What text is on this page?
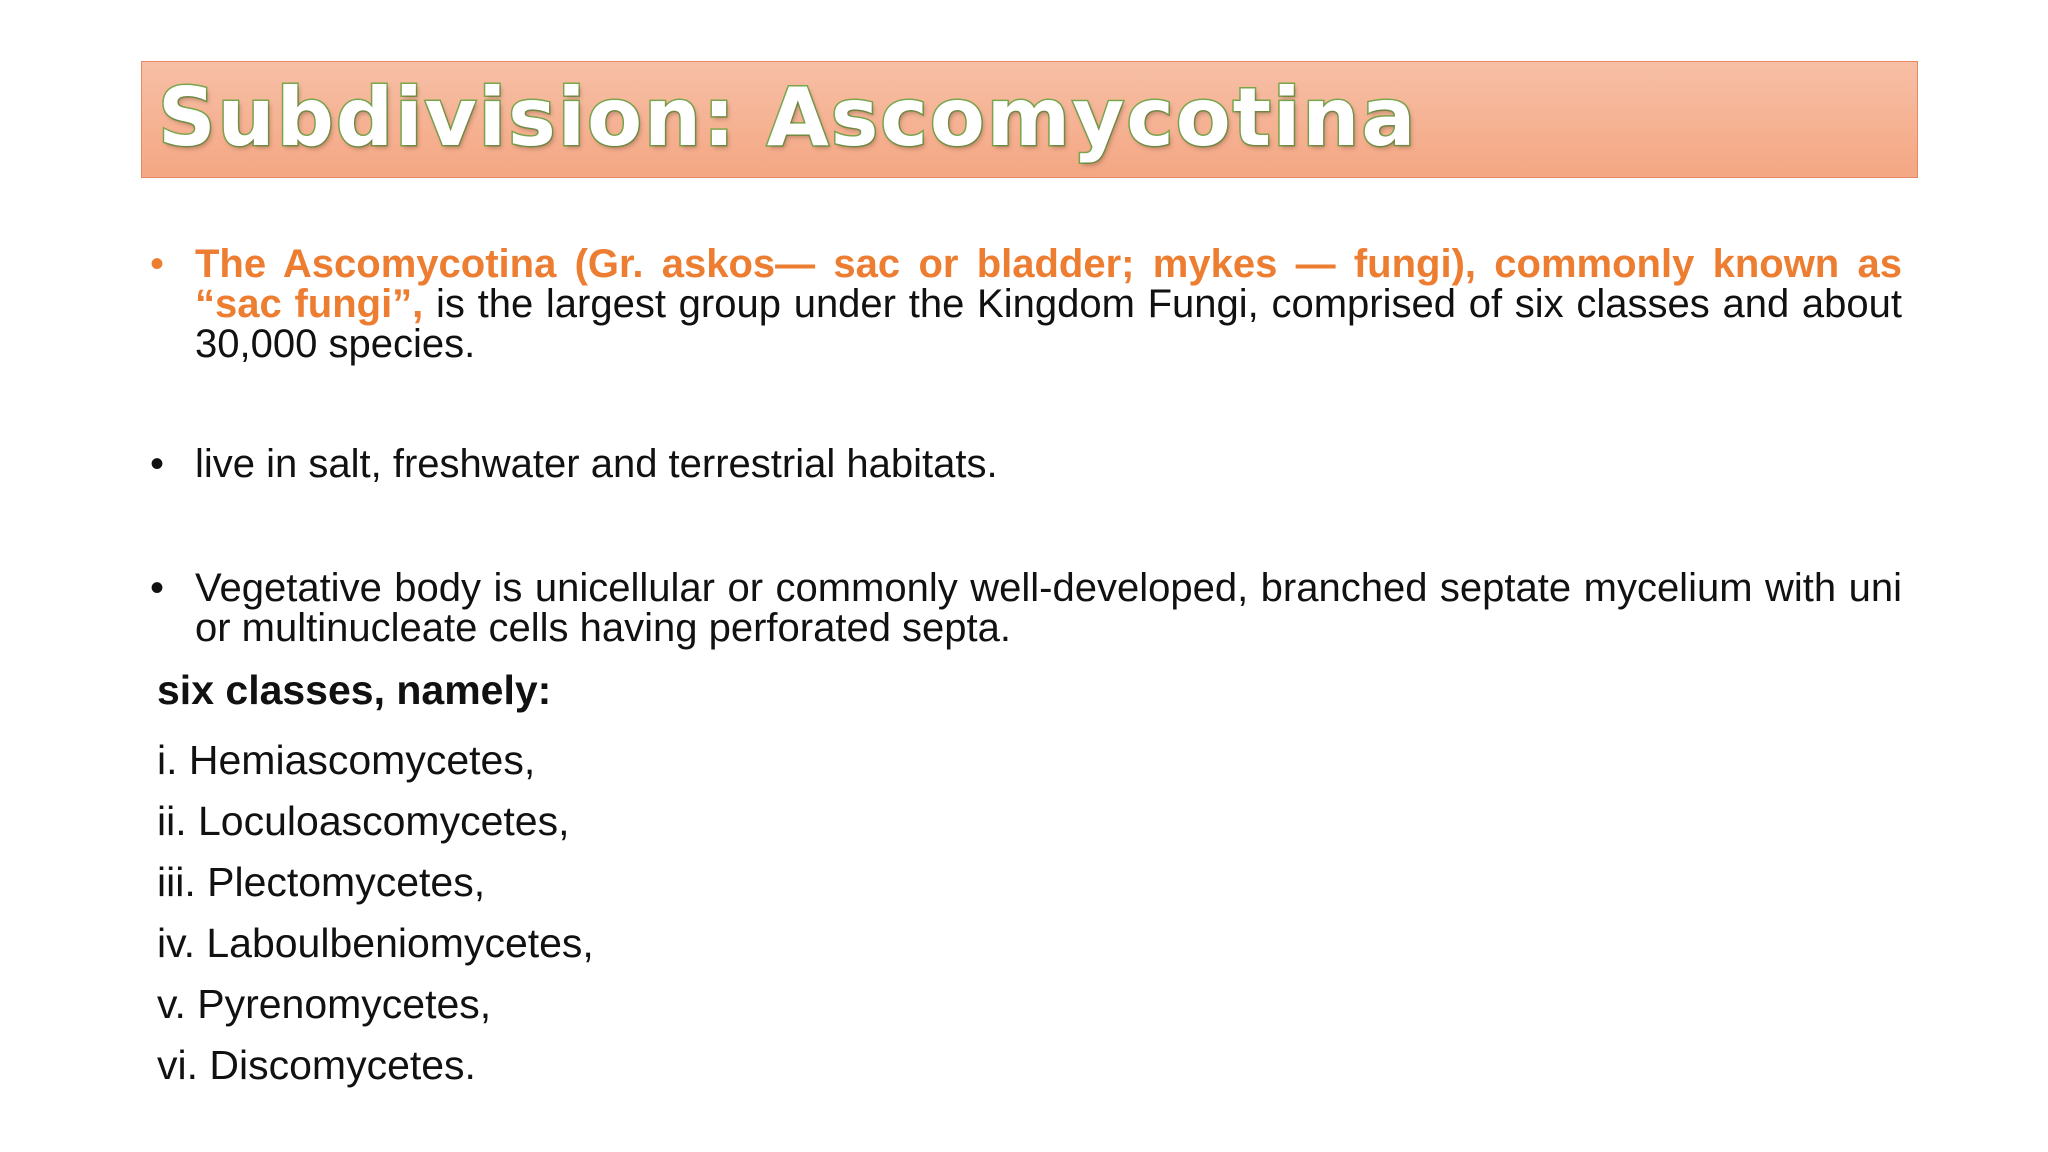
Subdivision: Ascomycotina
• The Ascomycotina (Gr. askos— sac or bladder; mykes — fungi), commonly known as “sac fungi”, is the largest group under the Kingdom Fungi, comprised of six classes and about 30,000 species.
• live in salt, freshwater and terrestrial habitats.
• Vegetative body is unicellular or commonly well-developed, branched septate mycelium with uni or multinucleate cells having perforated septa.

six classes, namely:

i. Hemiascomycetes,
ii. Loculoascomycetes,
iii. Plectomycetes,
iv. Laboulbeniomycetes,
v. Pyrenomycetes,
vi. Discomycetes.
